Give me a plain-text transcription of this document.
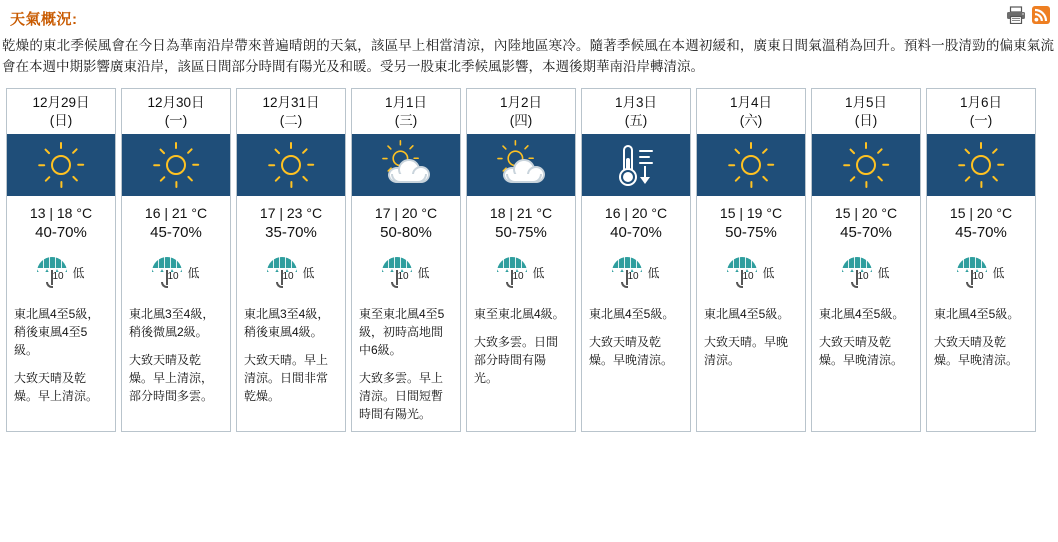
天氣概況:

乾燥的東北季候風會在今日為華南沿岸帶來普遍晴朗的天氣，該區早上相當清涼，內陸地區寒冷。隨著季候風在本週初緩和，廣東日間氣溫稍為回升。預料一股清勁的偏東氣流會在本週中期影響廣東沿岸，該區日間部分時間有陽光及和暖。受另一股東北季候風影響，本週後期華南沿岸轉清涼。

12月29日
(日)
13 | 18 °C
40-70%
10 低

東北風4至5級，稍後東風4至5級。

大致天晴及乾燥。早上清涼。

12月30日
(一)
16 | 21 °C
45-70%
10 低

東北風3至4級，稍後微風2級。

大致天晴及乾燥。早上清涼，部分時間多雲。

12月31日
(二)
17 | 23 °C
35-70%
10 低

東北風3至4級，稍後東風4級。

大致天晴。早上清涼。日間非常乾燥。

1月1日
(三)
17 | 20 °C
50-80%
10 低

東至東北風4至5級，初時高地間中6級。

大致多雲。早上清涼。日間短暫時間有陽光。

1月2日
(四)
18 | 21 °C
50-75%
10 低

東至東北風4級。

大致多雲。日間部分時間有陽光。

1月3日
(五)
16 | 20 °C
40-70%
10 低

東北風4至5級。

大致天晴及乾燥。早晚清涼。

1月4日
(六)
15 | 19 °C
50-75%
10 低

東北風4至5級。

大致天晴。早晚清涼。

1月5日
(日)
15 | 20 °C
45-70%
10 低

東北風4至5級。

大致天晴及乾燥。早晚清涼。

1月6日
(一)
15 | 20 °C
45-70%
10 低

東北風4至5級。

大致天晴及乾燥。早晚清涼。
